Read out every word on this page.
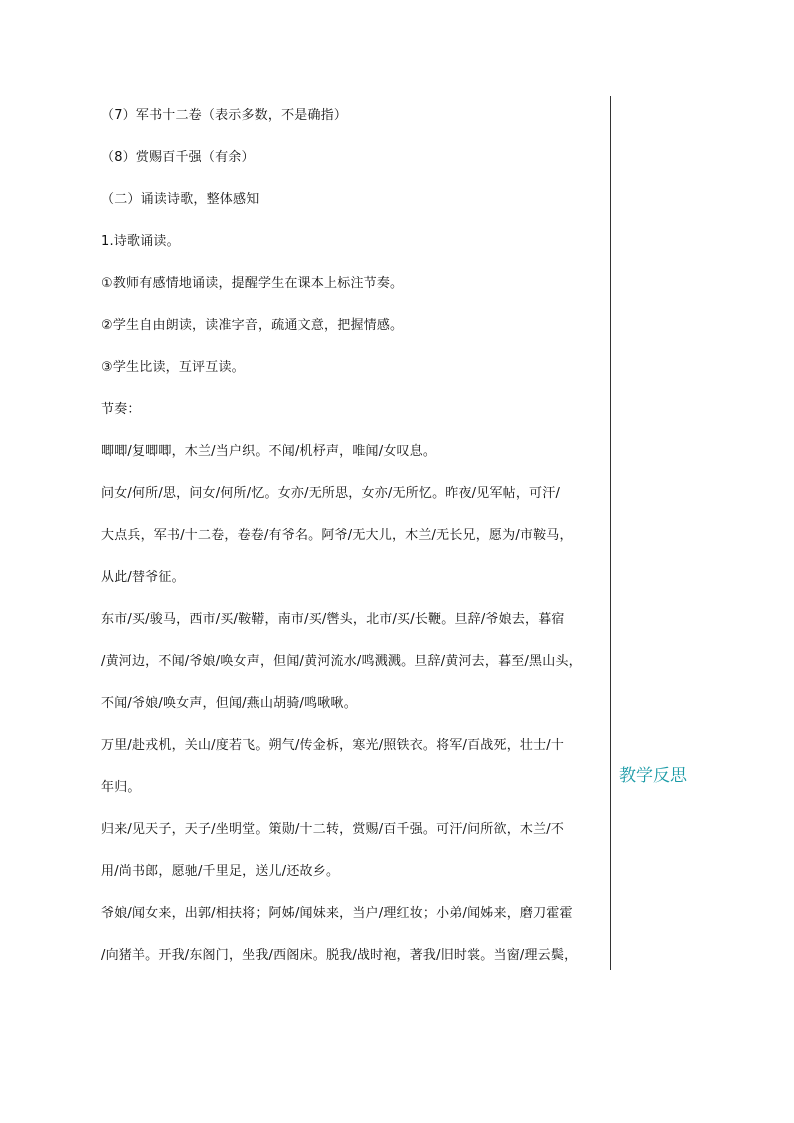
（7）军书十二卷（表示多数，不是确指）

（8）赏赐百千强（有余）

（二）诵读诗歌，整体感知

1.诗歌诵读。

①教师有感情地诵读，提醒学生在课本上标注节奏。

②学生自由朗读，读准字音，疏通文意，把握情感。

③学生比读，互评互读。

节奏：

唧唧/复唧唧，木兰/当户织。不闻/机杼声，唯闻/女叹息。

问女/何所/思，问女/何所/忆。女亦/无所思，女亦/无所忆。昨夜/见军帖，可汗/

大点兵，军书/十二卷，卷卷/有爷名。阿爷/无大儿，木兰/无长兄，愿为/市鞍马，

从此/替爷征。

东市/买/骏马，西市/买/鞍鞯，南市/买/辔头，北市/买/长鞭。旦辞/爷娘去，暮宿

/黄河边，不闻/爷娘/唤女声，但闻/黄河流水/鸣溅溅。旦辞/黄河去，暮至/黑山头，

不闻/爷娘/唤女声，但闻/燕山胡骑/鸣啾啾。

万里/赴戎机，关山/度若飞。朔气/传金柝，寒光/照铁衣。将军/百战死，壮士/十

年归。

归来/见天子，天子/坐明堂。策勋/十二转，赏赐/百千强。可汗/问所欲，木兰/不

用/尚书郎，愿驰/千里足，送儿/还故乡。

爷娘/闻女来，出郭/相扶将；阿姊/闻妹来，当户/理红妆；小弟/闻姊来，磨刀霍霍

/向猪羊。开我/东阁门，坐我/西阁床。脱我/战时袍，著我/旧时裳。当窗/理云鬓，

教学反思
